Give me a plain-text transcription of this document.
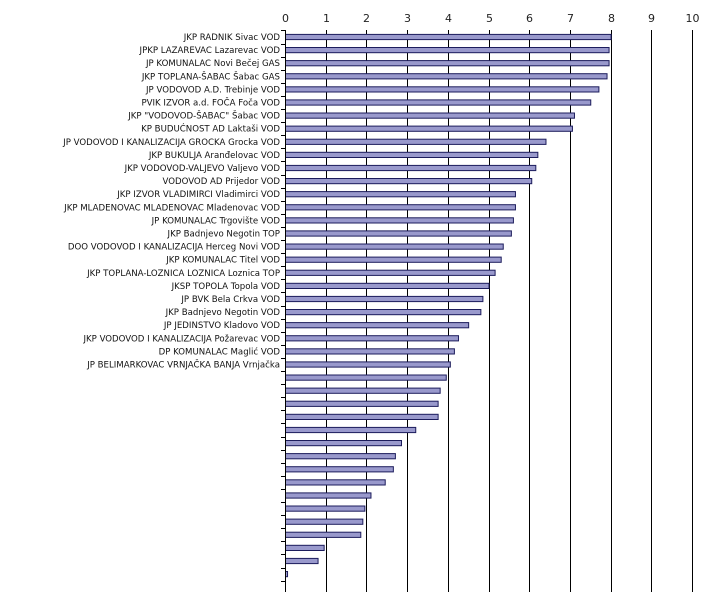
0	1	2	3	4	5	6	7	8	9	10
JKP RADNIK Sivac VOD
JPKP LAZAREVAC Lazarevac VOD
JP KOMUNALAC Novi Bečej GAS
JKP TOPLANA-ŠABAC Šabac GAS
JP VODOVOD A.D. Trebinje VOD
PVIK IZVOR a.d. FOČA Foča VOD
JKP "VODOVOD-ŠABAC" Šabac VOD
KP BUDUĆNOST AD Laktaši VOD
JP VODOVOD I KANALIZACIJA GROCKA Grocka VOD
JKP BUKULJA Aranđelovac VOD
JKP VODOVOD-VALJEVO Valjevo VOD
VODOVOD AD Prijedor VOD
JKP IZVOR VLADIMIRCI Vladimirci VOD
JKP MLADENOVAC MLADENOVAC Mladenovac VOD
JP KOMUNALAC Trgovište VOD
JKP Badnjevo Negotin TOP
DOO VODOVOD I KANALIZACIJA Herceg Novi VOD
JKP KOMUNALAC Titel VOD
JKP TOPLANA-LOZNICA LOZNICA Loznica TOP
JKSP TOPOLA Topola VOD
JP BVK Bela Crkva VOD
JKP Badnjevo Negotin VOD
JP JEDINSTVO Kladovo VOD
JKP VODOVOD I KANALIZACIJA Požarevac VOD
DP KOMUNALAC Maglić VOD
JP BELIMARKOVAC VRNJAČKA BANJA Vrnjačka
